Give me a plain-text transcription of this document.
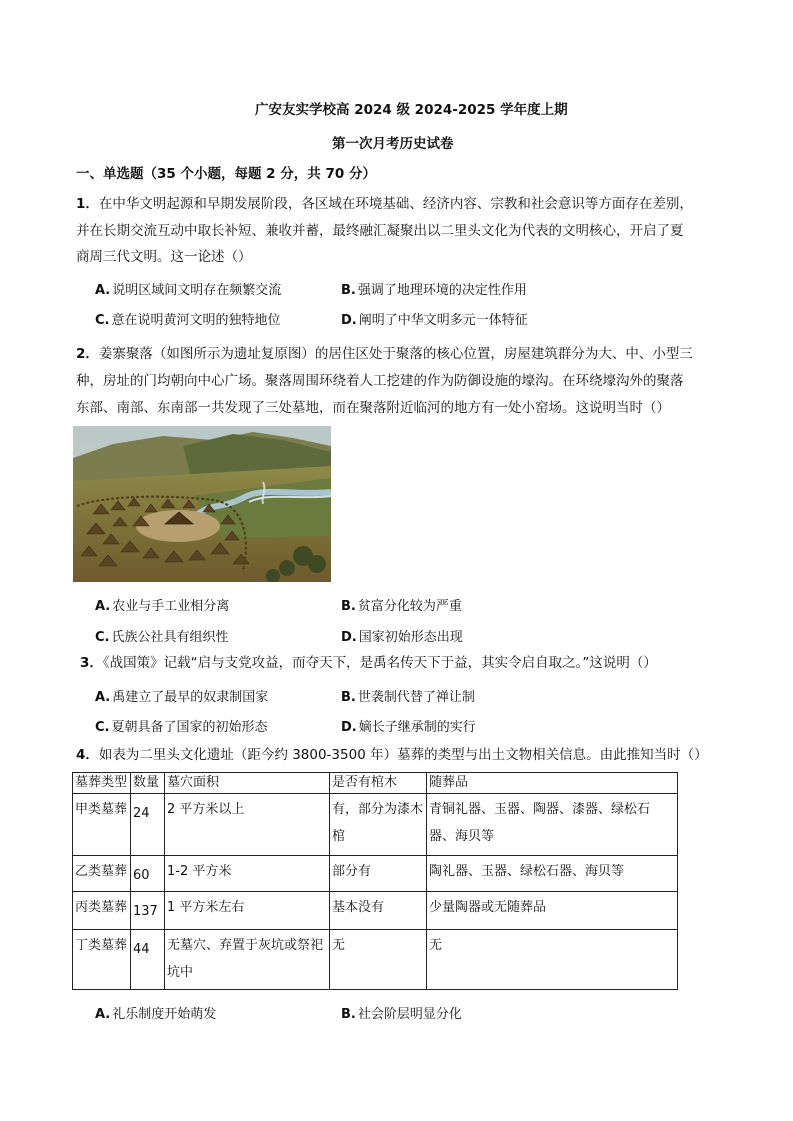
广安友实学校高 2024 级 2024-2025 学年度上期
第一次月考历史试卷
一、单选题（35 个小题，每题 2 分，共 70 分）
1．在中华文明起源和早期发展阶段，各区域在环境基础、经济内容、宗教和社会意识等方面存在差别，
并在长期交流互动中取长补短、兼收并蓄，最终融汇凝聚出以二里头文化为代表的文明核心，开启了夏
商周三代文明。这一论述（）
A. 说明区域间文明存在频繁交流	B. 强调了地理环境的决定性作用
C. 意在说明黄河文明的独特地位	D. 阐明了中华文明多元一体特征
2．姜寨聚落（如图所示为遗址复原图）的居住区处于聚落的核心位置，房屋建筑群分为大、中、小型三
种，房址的门均朝向中心广场。聚落周围环绕着人工挖建的作为防御设施的壕沟。在环绕壕沟外的聚落
东部、南部、东南部一共发现了三处墓地，而在聚落附近临河的地方有一处小窑场。这说明当时（）
A. 农业与手工业相分离	B. 贫富分化较为严重
C. 氏族公社具有组织性	D. 国家初始形态出现
3．《战国策》记载“启与支党攻益，而夺天下，是禹名传天下于益，其实令启自取之。”这说明（）
A. 禹建立了最早的奴隶制国家	B. 世袭制代替了禅让制
C. 夏朝具备了国家的初始形态	D. 嫡长子继承制的实行
4．如表为二里头文化遗址（距今约 3800-3500 年）墓葬的类型与出土文物相关信息。由此推知当时（）
墓葬类型	数量	墓穴面积	是否有棺木	随葬品
甲类墓葬	24	2 平方米以上	有，部分为漆木棺	青铜礼器、玉器、陶器、漆器、绿松石器、海贝等
乙类墓葬	60	1-2 平方米	部分有	陶礼器、玉器、绿松石器、海贝等
丙类墓葬	137	1 平方米左右	基本没有	少量陶器或无随葬品
丁类墓葬	44	无墓穴、弃置于灰坑或祭祀坑中	无	无
A. 礼乐制度开始萌发	B. 社会阶层明显分化
